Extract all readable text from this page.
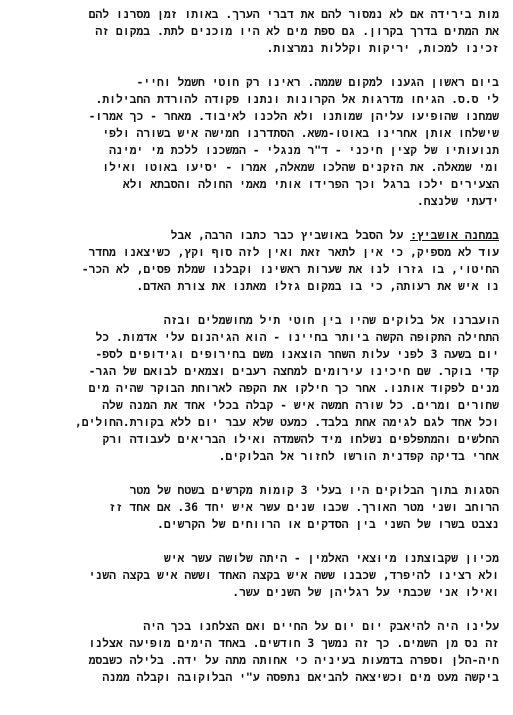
מות בירידה אם לא נמסור להם את דברי הערך. באותו זמן מסרנו להם
את המתים בדרך בקרון. גם ספת מים לא היו מוכנים לתת. במקום זה
זכינו למכות, יריקות וקללות נמרצות.
ביום ראשון הגענו למקום שממה. ראינו רק חוטי חשמל וחיי-
לי ס.ס. הגיחו מדרגות אל הקרונות ונתנו פקודה להורדת החבילות.
שמחנו שהופיעו עליהן שמותנו ולא הלכנו לאיבוד. מאחר - כך אמרו-
שישלחו אותן אחרינו באוטו-משא. הסתדרנו חמישה איש בשורה ולפי
תנועותיו של קצין חיכני - ד"ר מנגלי - המשכנו ללכת מי ימינה
ומי שמאלה. את הזקנים שהלכו שמאלה, אמרו - יסיעו באוטו ואילו
הצעירים ילכו ברגל וכך הפרידו אותי מאמי החולה והסבתא ולא
ידעתי שלנצח.
במחנה אושביץ: על הסבל באושביץ כבר כתבו הרבה, אבל
עוד לא מספיק, כי אין לתאר זאת ואין לזה סוף וקץ, כשיצאנו מחדר
החיטוי, בו גזרו לנו את שערות ראשינו וקבלנו שמלת פסים, לא הכר-
נו איש את רעותה, כי בו במקום גזלו מאתנו את צורת האדם.
הועברנו אל בלוקים שהיו בין חוטי תיל מחושמלים ובזה
התחילה התקופה הקשה ביותר בחיינו - הוא הגיהנום עלי אדמות. כל
יום בשעה 3 לפני עלות השחר הוצאנו משם בחירופים וגידופים לספ-
קדי בוקר. שם חיכינו עירומים למחצה רעבים וצמאים לבואם של הגר-
מנים לפקוד אותנו. אחר כך חילקו את הקפה לארוחת הבוקר שהיה מים
שחורים ומרים. כל שורה חמשה איש - קבלה בכלי אחד את המנה שלה
וכל אחד לגם לגימה אחת בלבד. כמעט שלא עבר יום ללא בקורת.החולים,
החלשים והמתפלפים נשלחו מיד להשמדה ואילו הבריאים לעבודה ורק
אחרי בדיקה קפדנית הורשו לחזור אל הבלוקים.
הסגות בתוך הבלוקים היו בעלי 3 קומות מקרשים בשטח של מטר
הרוחב ושני מטר האורך. שכבו שנים עשר איש יחד 36. אם אחד זז
נצבט בשרו של השני בין הסדקים או הרווחים של הקרשים.
מכיון שקבוצתנו מיוצאי האלמין - היתה שלושה עשר איש
ולא רצינו להיפרד, שכבנו ששה איש בקצה האחד וששה איש בקצה השני
ואילו אני שכבתי על רגליהן של השנים עשר.
עלינו היה להיאבק יום יום על החיים ואם הצלחנו בכך היה
זה נס מן השמים. כך זה נמשך 3 חודשים. באחד הימים מופיעה אצלנו
חיה-הלן וספרה בדמעות בעיניה כי אחותה מתה על ידה. בלילה כשבסמ
ביקשה מעט מים וכשיצאה להביאם נתפסה ע"י הבלוקובה וקבלה ממנה
